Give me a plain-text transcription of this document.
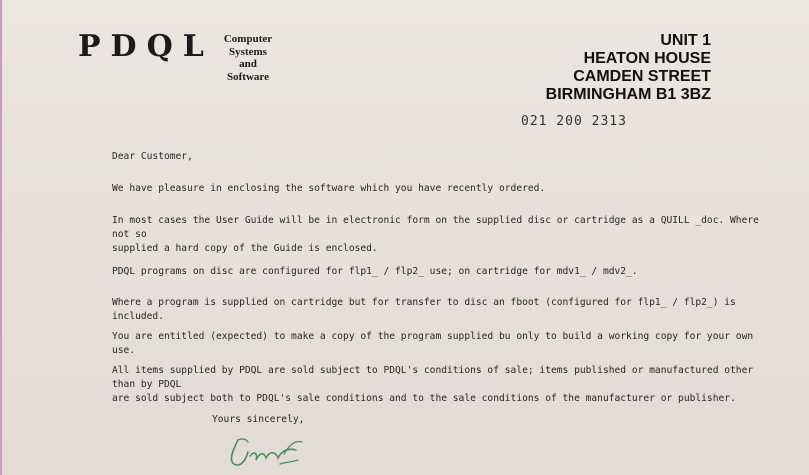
PDQL Computer
Systems
and
Software
UNIT 1
HEATON HOUSE
CAMDEN STREET
BIRMINGHAM B1 3BZ
021 200 2313

Dear Customer,

We have pleasure in enclosing the software which you have recently ordered.

In most cases the User Guide will be in electronic form on the supplied disc or cartridge as a QUILL _doc. Where not so
supplied a hard copy of the Guide is enclosed.

PDQL programs on disc are configured for flp1_ / flp2_ use; on cartridge for mdv1_ / mdv2_.

Where a program is supplied on cartridge but for transfer to disc an fboot (configured for flp1_ / flp2_) is included.

You are entitled (expected) to make a copy of the program supplied bu only to build a working copy for your own use.

All items supplied by PDQL are sold subject to PDQL's conditions of sale; items published or manufactured other than by PDQL
are sold subject both to PDQL's sale conditions and to the sale conditions of the manufacturer or publisher.

Yours sincerely,
